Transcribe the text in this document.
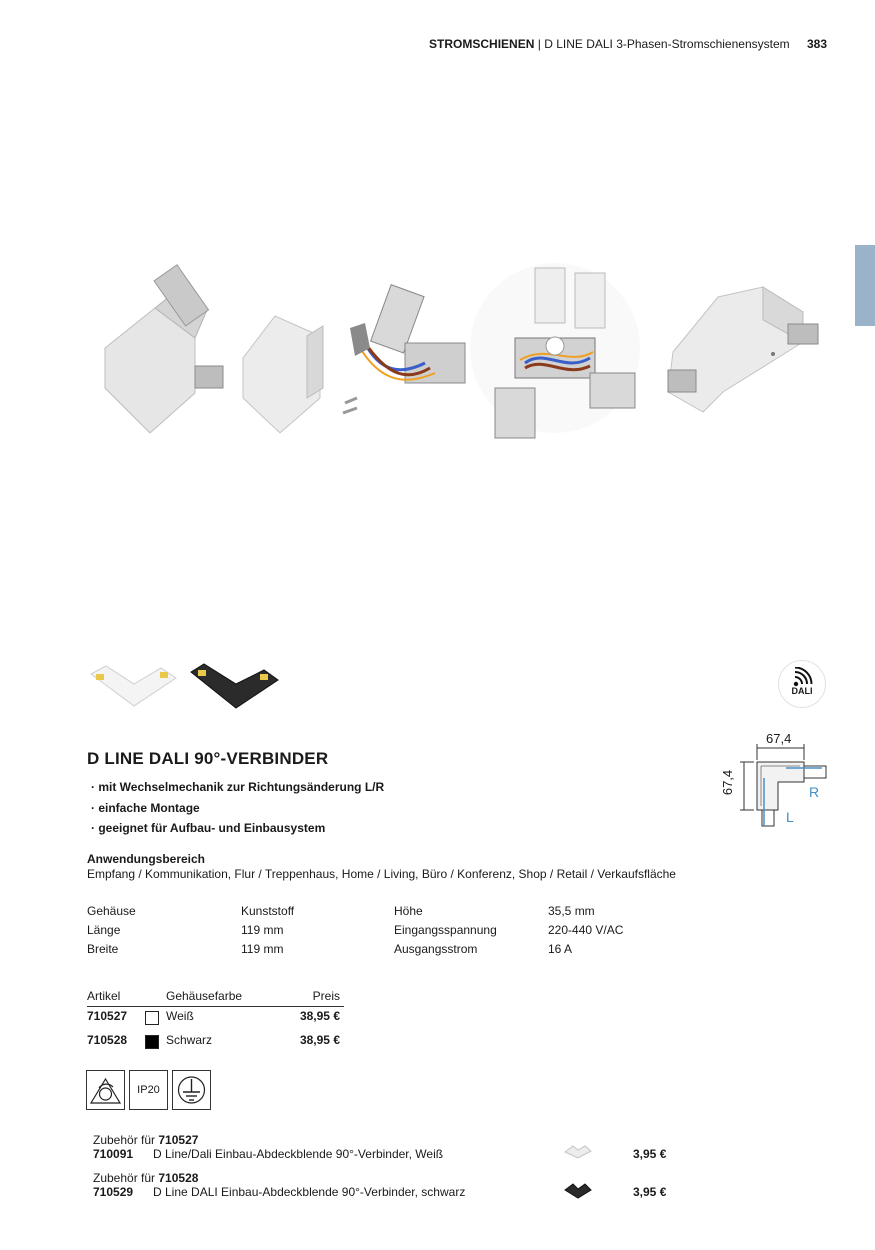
STROMSCHIENEN | D LINE DALI 3-Phasen-Stromschienensystem 383
DALI
67,4
67,4	R
L
D LINE DALI 90°-VERBINDER
· mit Wechselmechanik zur Richtungsänderung L/R
· einfache Montage
· geeignet für Aufbau- und Einbausystem
Anwendungsbereich
Empfang / Kommunikation, Flur / Treppenhaus, Home / Living, Büro / Konferenz, Shop / Retail / Verkaufsfläche
Gehäuse	Kunststoff	Höhe	35,5 mm
Länge	119 mm	Eingangsspannung	220-440 V/AC
Breite	119 mm	Ausgangsstrom	16 A
Artikel	Gehäusefarbe	Preis
710527	Weiß	38,95 €
710528	Schwarz	38,95 €
IP20
Zubehör für 710527
710091 D Line/Dali Einbau-Abdeckblende 90°-Verbinder, Weiß	3,95 €
Zubehör für 710528
710529 D Line DALI Einbau-Abdeckblende 90°-Verbinder, schwarz	3,95 €
